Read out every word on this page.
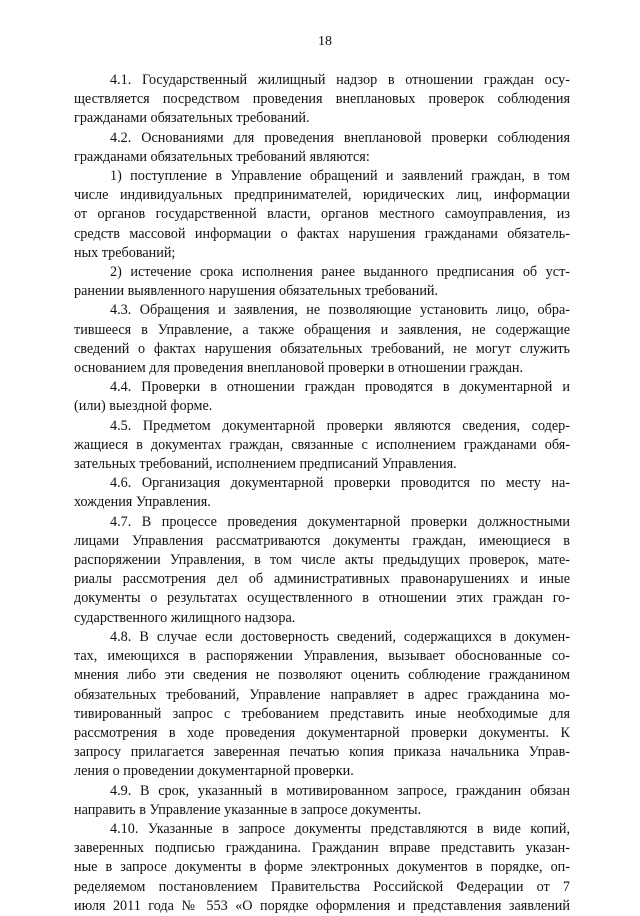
18

4.1. Государственный жилищный надзор в отношении граждан осу-
ществляется посредством проведения внеплановых проверок соблюдения
гражданами обязательных требований.

4.2. Основаниями для проведения внеплановой проверки соблюдения
гражданами обязательных требований являются:

1) поступление в Управление обращений и заявлений граждан, в том
числе индивидуальных предпринимателей, юридических лиц, информации
от органов государственной власти, органов местного самоуправления, из
средств массовой информации о фактах нарушения гражданами обязатель-
ных требований;

2) истечение срока исполнения ранее выданного предписания об уст-
ранении выявленного нарушения обязательных требований.

4.3. Обращения и заявления, не позволяющие установить лицо, обра-
тившееся в Управление, а также обращения и заявления, не содержащие
сведений о фактах нарушения обязательных требований, не могут служить
основанием для проведения внеплановой проверки в отношении граждан.

4.4. Проверки в отношении граждан проводятся в документарной и
(или) выездной форме.

4.5. Предметом документарной проверки являются сведения, содер-
жащиеся в документах граждан, связанные с исполнением гражданами обя-
зательных требований, исполнением предписаний Управления.

4.6. Организация документарной проверки проводится по месту на-
хождения Управления.

4.7. В процессе проведения документарной проверки должностными
лицами Управления рассматриваются документы граждан, имеющиеся в
распоряжении Управления, в том числе акты предыдущих проверок, мате-
риалы рассмотрения дел об административных правонарушениях и иные
документы о результатах осуществленного в отношении этих граждан го-
сударственного жилищного надзора.

4.8. В случае если достоверность сведений, содержащихся в докумен-
тах, имеющихся в распоряжении Управления, вызывает обоснованные со-
мнения либо эти сведения не позволяют оценить соблюдение гражданином
обязательных требований, Управление направляет в адрес гражданина мо-
тивированный запрос с требованием представить иные необходимые для
рассмотрения в ходе проведения документарной проверки документы. К
запросу прилагается заверенная печатью копия приказа начальника Управ-
ления о проведении документарной проверки.

4.9. В срок, указанный в мотивированном запросе, гражданин обязан
направить в Управление указанные в запросе документы.

4.10. Указанные в запросе документы представляются в виде копий,
заверенных подписью гражданина. Гражданин вправе представить указан-
ные в запросе документы в форме электронных документов в порядке, оп-
ределяемом постановлением Правительства Российской Федерации от 7
июля 2011 года № 553 «О порядке оформления и представления заявлений
